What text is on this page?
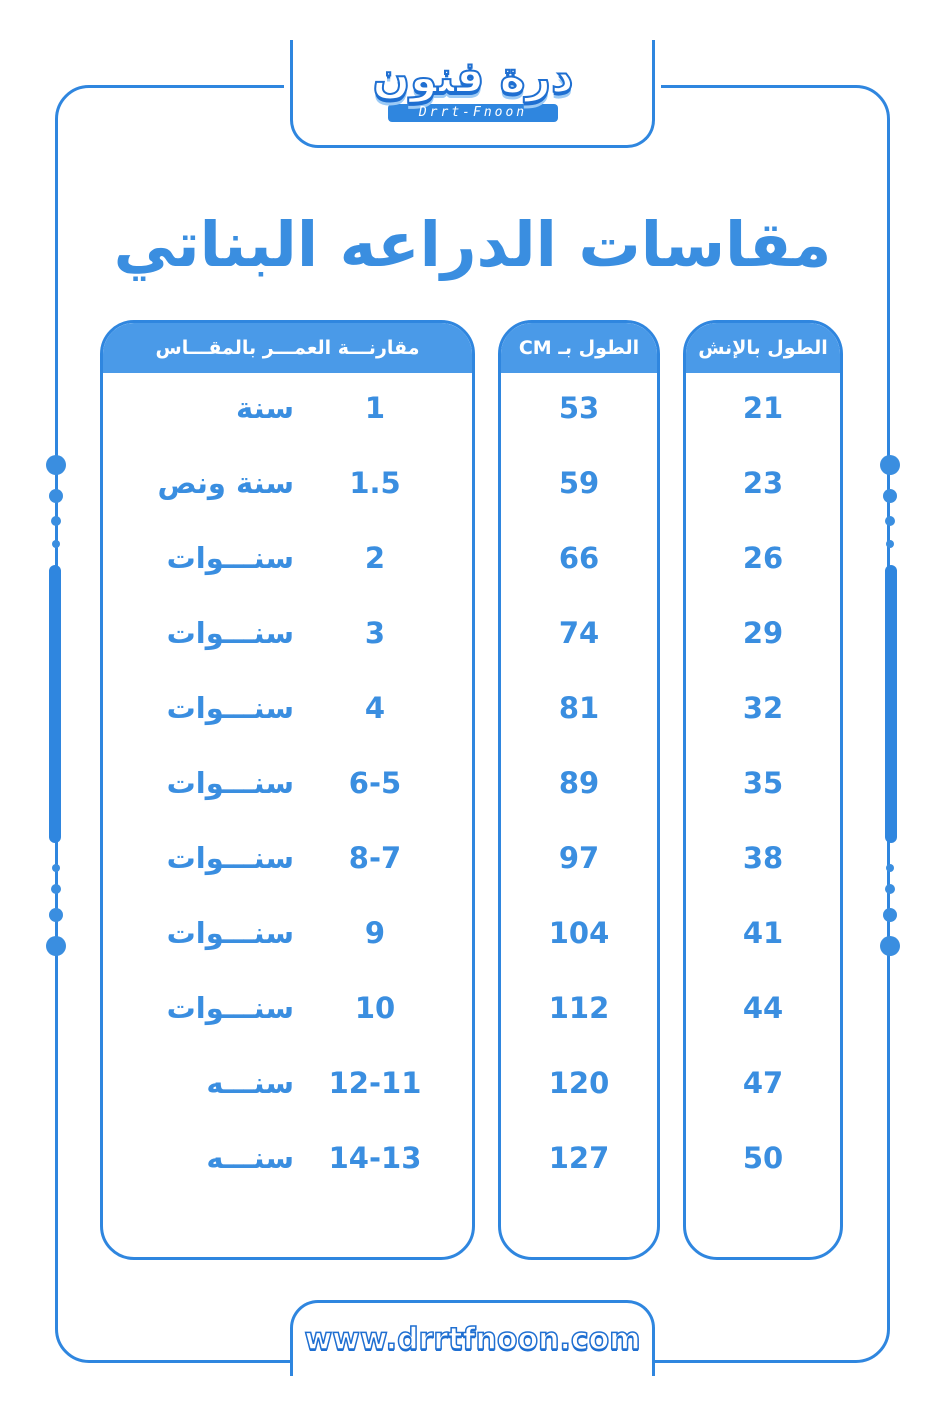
درة فنون
Drrt-Fnoon
مقاسات الدراعه البناتي
الطول بالإنش
21
23
26
29
32
35
38
41
44
47
50
الطول بـ CM
53
59
66
74
81
89
97
104
112
120
127
مقارنـــة العمـــر بالمقـــاس
1
سنة
1.5
سنة ونص
2
سنـــوات
3
سنـــوات
4
سنـــوات
6-5
سنـــوات
8-7
سنـــوات
9
سنـــوات
10
سنـــوات
12-11
سنـــه
14-13
سنـــه
www.drrtfnoon.com
